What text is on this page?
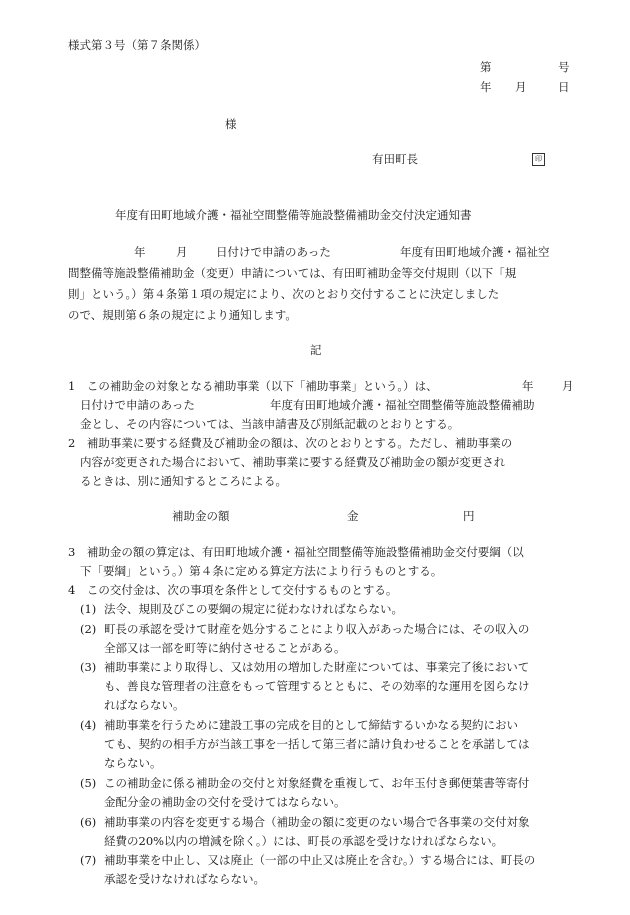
様式第３号（第７条関係）
第	号
年 月	日
様
有田町長	印
年度有田町地域介護・福祉空間整備等施設整備補助金交付決定通知書
年	月 日付けで申請のあった	年度有田町地域介護・福祉空
間整備等施設整備補助金（変更）申請については、有田町補助金等交付規則（以下「規
則」という。）第４条第１項の規定により、次のとおり交付することに決定しました
ので、規則第６条の規定により通知します。
記
1　この補助金の対象となる補助事業（以下「補助事業」という。）は、	年 月
日付けで申請のあった	年度有田町地域介護・福祉空間整備等施設整備補助
金とし、その内容については、当該申請書及び別紙記載のとおりとする。
2　補助事業に要する経費及び補助金の額は、次のとおりとする。ただし、補助事業の
内容が変更された場合において、補助事業に要する経費及び補助金の額が変更され
るときは、別に通知するところによる。
補助金の額	金	円
3　補助金の額の算定は、有田町地域介護・福祉空間整備等施設整備補助金交付要綱（以
下「要綱」という。）第４条に定める算定方法により行うものとする。
4　この交付金は、次の事項を条件として交付するものとする。
(1) 法令、規則及びこの要綱の規定に従わなければならない。
(2) 町長の承認を受けて財産を処分することにより収入があった場合には、その収入の
全部又は一部を町等に納付させることがある。
(3) 補助事業により取得し、又は効用の増加した財産については、事業完了後において
も、善良な管理者の注意をもって管理するとともに、その効率的な運用を図らなけ
ればならない。
(4) 補助事業を行うために建設工事の完成を目的として締結するいかなる契約におい
ても、契約の相手方が当該工事を一括して第三者に請け負わせることを承諾しては
ならない。
(5) この補助金に係る補助金の交付と対象経費を重複して、お年玉付き郵便葉書等寄付
金配分金の補助金の交付を受けてはならない。
(6) 補助事業の内容を変更する場合（補助金の額に変更のない場合で各事業の交付対象
経費の20%以内の増減を除く。）には、町長の承認を受けなければならない。
(7) 補助事業を中止し、又は廃止（一部の中止又は廃止を含む。）する場合には、町長の
承認を受けなければならない。
